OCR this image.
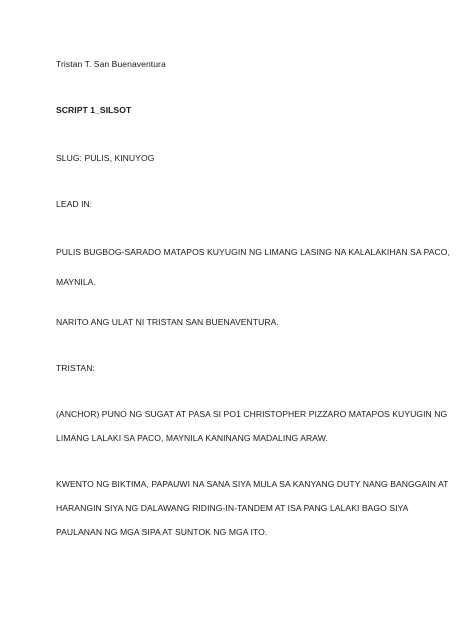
Tristan T. San Buenaventura
SCRIPT 1_SILSOT
SLUG: PULIS, KINUYOG
LEAD IN:
PULIS BUGBOG-SARADO MATAPOS KUYUGIN NG LIMANG LASING NA KALALAKIHAN SA PACO,
MAYNILA.
NARITO ANG ULAT NI TRISTAN SAN BUENAVENTURA.
TRISTAN:
(ANCHOR) PUNO NG SUGAT AT PASA SI PO1 CHRISTOPHER PIZZARO MATAPOS KUYUGIN NG
LIMANG LALAKI SA PACO, MAYNILA KANINANG MADALING ARAW.
KWENTO NG BIKTIMA, PAPAUWI NA SANA SIYA MULA SA KANYANG DUTY NANG BANGGAIN AT
HARANGIN SIYA NG DALAWANG RIDING-IN-TANDEM AT ISA PANG LALAKI BAGO SIYA
PAULANAN NG MGA SIPA AT SUNTOK NG MGA ITO.
